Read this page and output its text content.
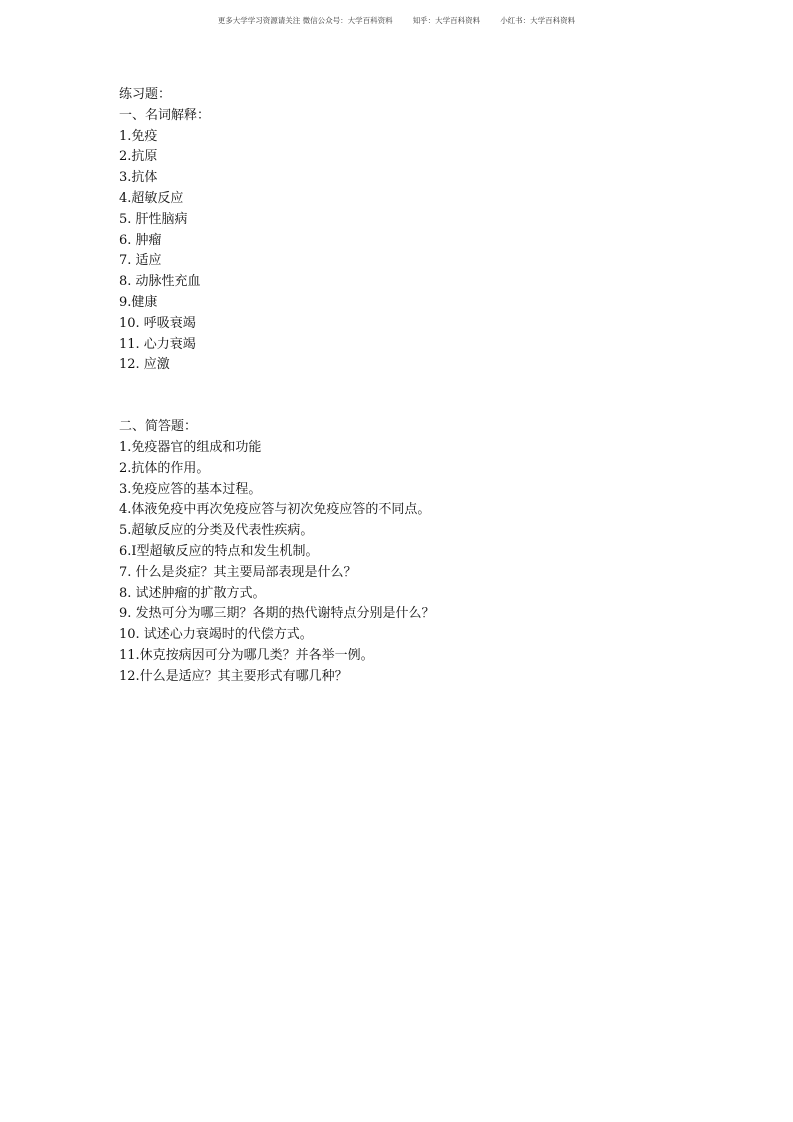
更多大学学习资源请关注 微信公众号：大学百科资料	知乎：大学百科资料	小红书：大学百科资料
练习题：
一、名词解释：
1.免疫
2.抗原
3.抗体
4.超敏反应
5. 肝性脑病
6. 肿瘤
7. 适应
8. 动脉性充血
9.健康
10. 呼吸衰竭
11. 心力衰竭
12. 应激
二、简答题：
1.免疫器官的组成和功能
2.抗体的作用。
3.免疫应答的基本过程。
4.体液免疫中再次免疫应答与初次免疫应答的不同点。
5.超敏反应的分类及代表性疾病。
6.Ⅰ型超敏反应的特点和发生机制。
7. 什么是炎症？其主要局部表现是什么？
8. 试述肿瘤的扩散方式。
9. 发热可分为哪三期？各期的热代谢特点分别是什么？
10. 试述心力衰竭时的代偿方式。
11.休克按病因可分为哪几类？并各举一例。
12.什么是适应？其主要形式有哪几种？
